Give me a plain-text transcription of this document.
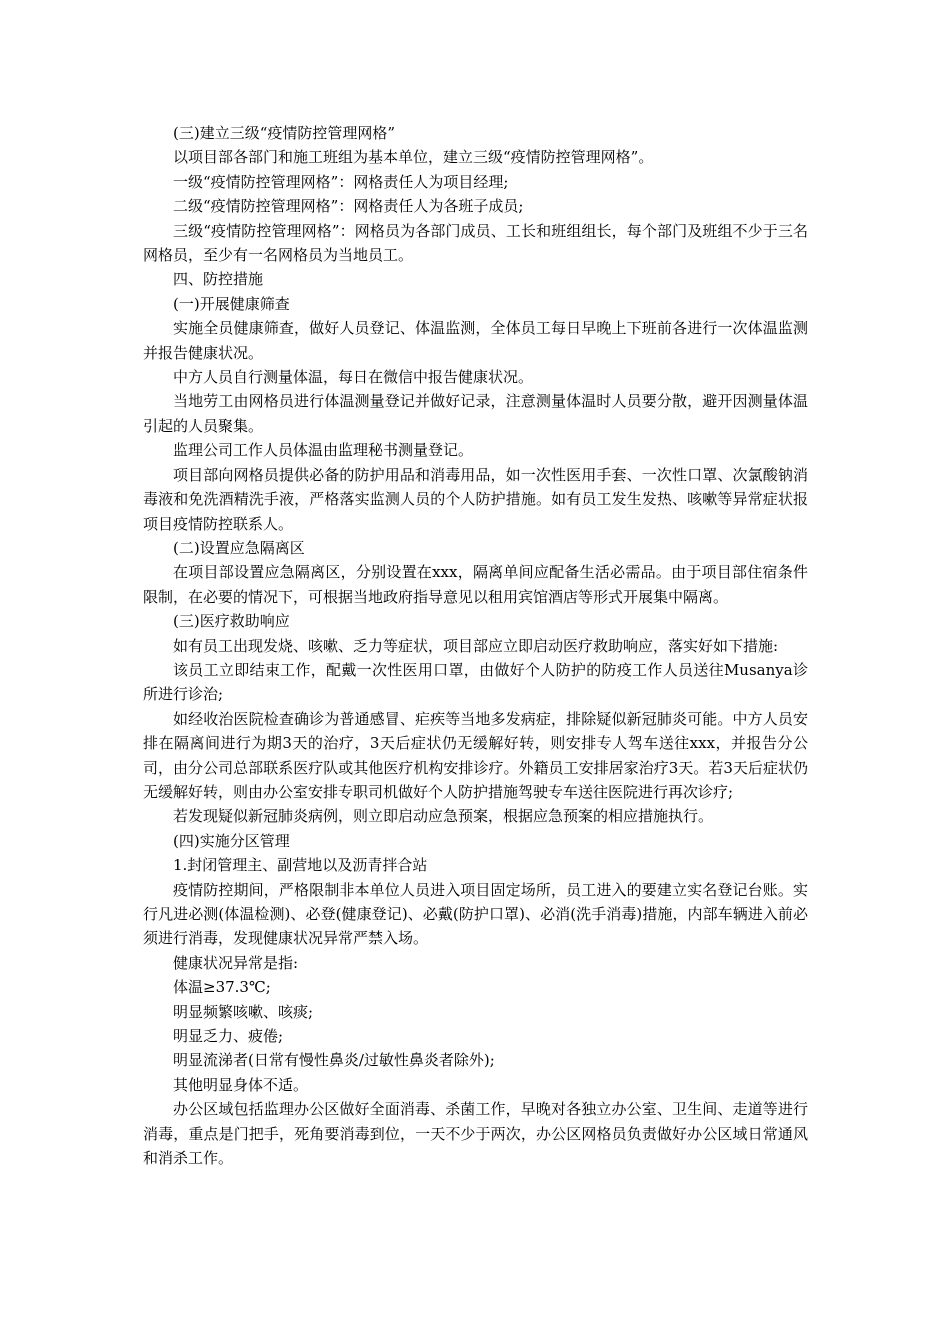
(三)建立三级“疫情防控管理网格”

以项目部各部门和施工班组为基本单位，建立三级“疫情防控管理网格”。

一级“疫情防控管理网格”：网格责任人为项目经理;

二级“疫情防控管理网格”：网格责任人为各班子成员;

三级“疫情防控管理网格”：网格员为各部门成员、工长和班组组长，每个部门及班组不少于三名网格员，至少有一名网格员为当地员工。

四、防控措施

(一)开展健康筛查

实施全员健康筛查，做好人员登记、体温监测，全体员工每日早晚上下班前各进行一次体温监测并报告健康状况。

中方人员自行测量体温，每日在微信中报告健康状况。

当地劳工由网格员进行体温测量登记并做好记录，注意测量体温时人员要分散，避开因测量体温引起的人员聚集。

监理公司工作人员体温由监理秘书测量登记。

项目部向网格员提供必备的防护用品和消毒用品，如一次性医用手套、一次性口罩、次氯酸钠消毒液和免洗酒精洗手液，严格落实监测人员的个人防护措施。如有员工发生发热、咳嗽等异常症状报项目疫情防控联系人。

(二)设置应急隔离区

在项目部设置应急隔离区，分别设置在xxx，隔离单间应配备生活必需品。由于项目部住宿条件限制，在必要的情况下，可根据当地政府指导意见以租用宾馆酒店等形式开展集中隔离。

(三)医疗救助响应

如有员工出现发烧、咳嗽、乏力等症状，项目部应立即启动医疗救助响应，落实好如下措施:

该员工立即结束工作，配戴一次性医用口罩，由做好个人防护的防疫工作人员送往Musanya诊所进行诊治;

如经收治医院检查确诊为普通感冒、疟疾等当地多发病症，排除疑似新冠肺炎可能。中方人员安排在隔离间进行为期3天的治疗，3天后症状仍无缓解好转，则安排专人驾车送往xxx，并报告分公司，由分公司总部联系医疗队或其他医疗机构安排诊疗。外籍员工安排居家治疗3天。若3天后症状仍无缓解好转，则由办公室安排专职司机做好个人防护措施驾驶专车送往医院进行再次诊疗;

若发现疑似新冠肺炎病例，则立即启动应急预案，根据应急预案的相应措施执行。

(四)实施分区管理

1.封闭管理主、副营地以及沥青拌合站

疫情防控期间，严格限制非本单位人员进入项目固定场所，员工进入的要建立实名登记台账。实行凡进必测(体温检测)、必登(健康登记)、必戴(防护口罩)、必消(洗手消毒)措施，内部车辆进入前必须进行消毒，发现健康状况异常严禁入场。

健康状况异常是指:

体温≥37.3℃;

明显频繁咳嗽、咳痰;

明显乏力、疲倦;

明显流涕者(日常有慢性鼻炎/过敏性鼻炎者除外);

其他明显身体不适。

办公区域包括监理办公区做好全面消毒、杀菌工作，早晚对各独立办公室、卫生间、走道等进行消毒，重点是门把手，死角要消毒到位，一天不少于两次，办公区网格员负责做好办公区域日常通风和消杀工作。
